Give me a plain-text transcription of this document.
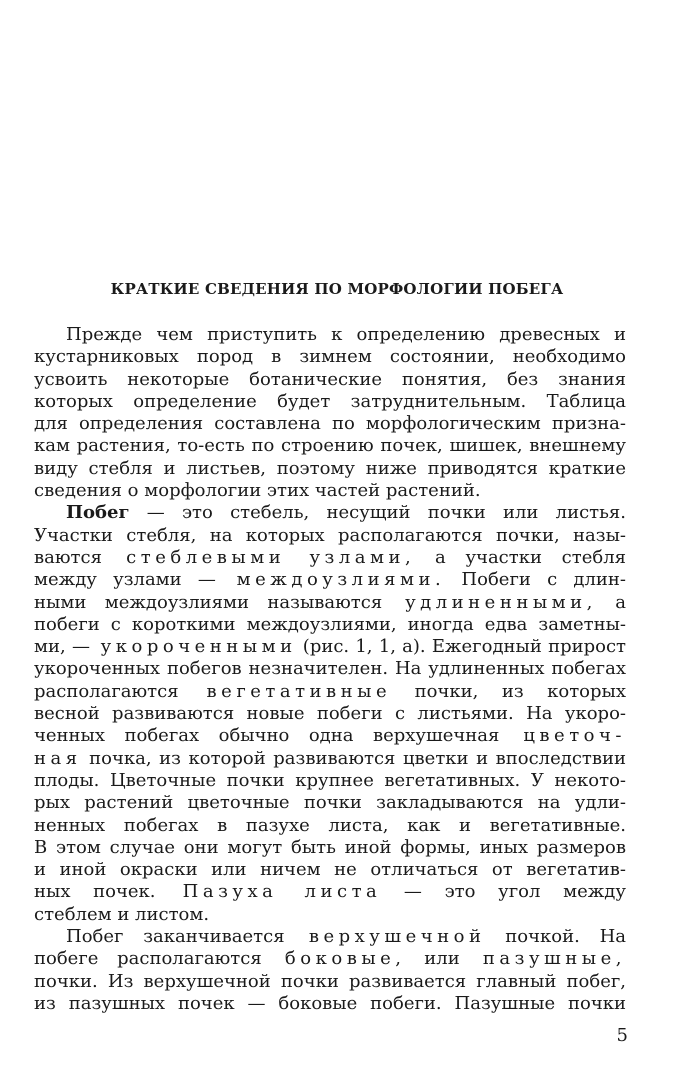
КРАТКИЕ СВЕДЕНИЯ ПО МОРФОЛОГИИ ПОБЕГА
Прежде чем приступить к определению древесных и
кустарниковых пород в зимнем состоянии, необходимо
усвоить некоторые ботанические понятия, без знания
которых определение будет затруднительным. Таблица
для определения составлена по морфологическим призна-
кам растения, то-есть по строению почек, шишек, внешнему
виду стебля и листьев, поэтому ниже приводятся краткие
сведения о морфологии этих частей растений.
Побег — это стебель, несущий почки или листья.
Участки стебля, на которых располагаются почки, назы-
ваются стеблевыми узлами, а участки стебля
между узлами — междоузлиями. Побеги с длин-
ными междоузлиями называются удлиненными, а
побеги с короткими междоузлиями, иногда едва заметны-
ми, — укороченными (рис. 1, 1, а). Ежегодный прирост
укороченных побегов незначителен. На удлиненных побегах
располагаются вегетативные почки, из которых
весной развиваются новые побеги с листьями. На укоро-
ченных побегах обычно одна верхушечная цветоч-
ная почка, из которой развиваются цветки и впоследствии
плоды. Цветочные почки крупнее вегетативных. У некото-
рых растений цветочные почки закладываются на удли-
ненных побегах в пазухе листа, как и вегетативные.
В этом случае они могут быть иной формы, иных размеров
и иной окраски или ничем не отличаться от вегетатив-
ных почек. Пазуха листа — это угол между
стеблем и листом.
Побег заканчивается верхушечной почкой. На
побеге располагаются боковые, или пазушные,
почки. Из верхушечной почки развивается главный побег,
из пазушных почек — боковые побеги. Пазушные почки
5
